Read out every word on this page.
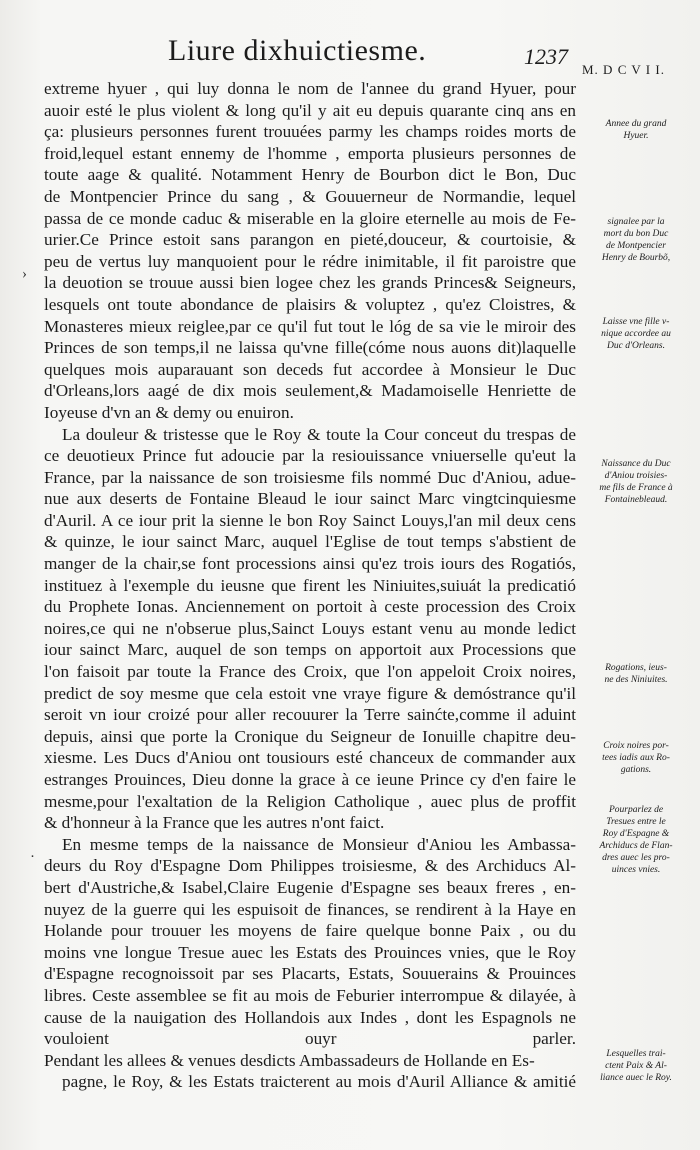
Liure dixhuictiesme.	1237
M. D C V I I.
extreme hyuer , qui luy donna le nom de l'annee du grand Hyuer, pour
auoir esté le plus violent & long qu'il y ait eu depuis quarante cinq ans en
ça: plusieurs personnes furent trouuées parmy les champs roides morts de
froid,lequel estant ennemy de l'homme , emporta plusieurs personnes de
toute aage & qualité. Notamment Henry de Bourbon dict le Bon, Duc
de Montpencier Prince du sang , & Gouuerneur de Normandie, lequel
passa de ce monde caduc & miserable en la gloire eternelle au mois de Fe-
urier.Ce Prince estoit sans parangon en pieté,douceur, & courtoisie, &
peu de vertus luy manquoient pour le rédre inimitable, il fit paroistre que
la deuotion se trouue aussi bien logee chez les grands Princes& Seigneurs,
lesquels ont toute abondance de plaisirs & voluptez , qu'ez Cloistres, &
Monasteres mieux reiglee,par ce qu'il fut tout le lóg de sa vie le miroir des
Princes de son temps,il ne laissa qu'vne fille(cóme nous auons dit)laquelle
quelques mois auparauant son deceds fut accordee à Monsieur le Duc
d'Orleans,lors aagé de dix mois seulement,& Madamoiselle Henriette de
Ioyeuse d'vn an & demy ou enuiron.
La douleur & tristesse que le Roy & toute la Cour conceut du trespas de
ce deuotieux Prince fut adoucie par la resiouissance vniuerselle qu'eut la
France, par la naissance de son troisiesme fils nommé Duc d'Aniou, adue-
nue aux deserts de Fontaine Bleaud le iour sainct Marc vingtcinquiesme
d'Auril. A ce iour prit la sienne le bon Roy Sainct Louys,l'an mil deux cens
& quinze, le iour sainct Marc, auquel l'Eglise de tout temps s'abstient de
manger de la chair,se font processions ainsi qu'ez trois iours des Rogatiós,
instituez à l'exemple du ieusne que firent les Niniuites,suiuát la predicatió
du Prophete Ionas. Anciennement on portoit à ceste procession des Croix
noires,ce qui ne n'obserue plus,Sainct Louys estant venu au monde ledict
iour sainct Marc, auquel de son temps on apportoit aux Processions que
l'on faisoit par toute la France des Croix, que l'on appeloit Croix noires,
predict de soy mesme que cela estoit vne vraye figure & demóstrance qu'il
seroit vn iour croizé pour aller recouurer la Terre sainćte,comme il aduint
depuis, ainsi que porte la Cronique du Seigneur de Ionuille chapitre deu-
xiesme. Les Ducs d'Aniou ont tousiours esté chanceux de commander aux
estranges Prouinces, Dieu donne la grace à ce ieune Prince cy d'en faire le
mesme,pour l'exaltation de la Religion Catholique , auec plus de proffit
& d'honneur à la France que les autres n'ont faict.
En mesme temps de la naissance de Monsieur d'Aniou les Ambassa-
deurs du Roy d'Espagne Dom Philippes troisiesme, & des Archiducs Al-
bert d'Austriche,& Isabel,Claire Eugenie d'Espagne ses beaux freres , en-
nuyez de la guerre qui les espuisoit de finances, se rendirent à la Haye en
Holande pour trouuer les moyens de faire quelque bonne Paix , ou du
moins vne longue Tresue auec les Estats des Prouinces vnies, que le Roy
d'Espagne recognoissoit par ses Placarts, Estats, Souuerains & Prouinces
libres. Ceste assemblee se fit au mois de Feburier interrompue & dilayée, à
cause de la nauigation des Hollandois aux Indes , dont les Espagnols ne
vouloient ouyr parler.
Pendant les allees & venues desdicts Ambassadeurs de Hollande en Es-
pagne, le Roy, & les Estats traicterent au mois d'Auril Alliance & amitié
Annee du grand
Hyuer.
signalee par la
mort du bon Duc
de Montpencier
Henry de Bourbõ,
Laisse vne fille v-
nique accordee au
Duc d'Orleans.
Naissance du Duc
d'Aniou troisies-
me fils de France à
Fontainebleaud.
Rogations, ieus-
ne des Niniuites.
Croix noires por-
tees iadis aux Ro-
gations.
Pourparlez de
Tresues entre le
Roy d'Espagne &
Archiducs de Flan-
dres auec les pro-
uinces vnies.
Lesquelles trai-
ctent Paix & Al-
liance auec le Roy.
›
·
